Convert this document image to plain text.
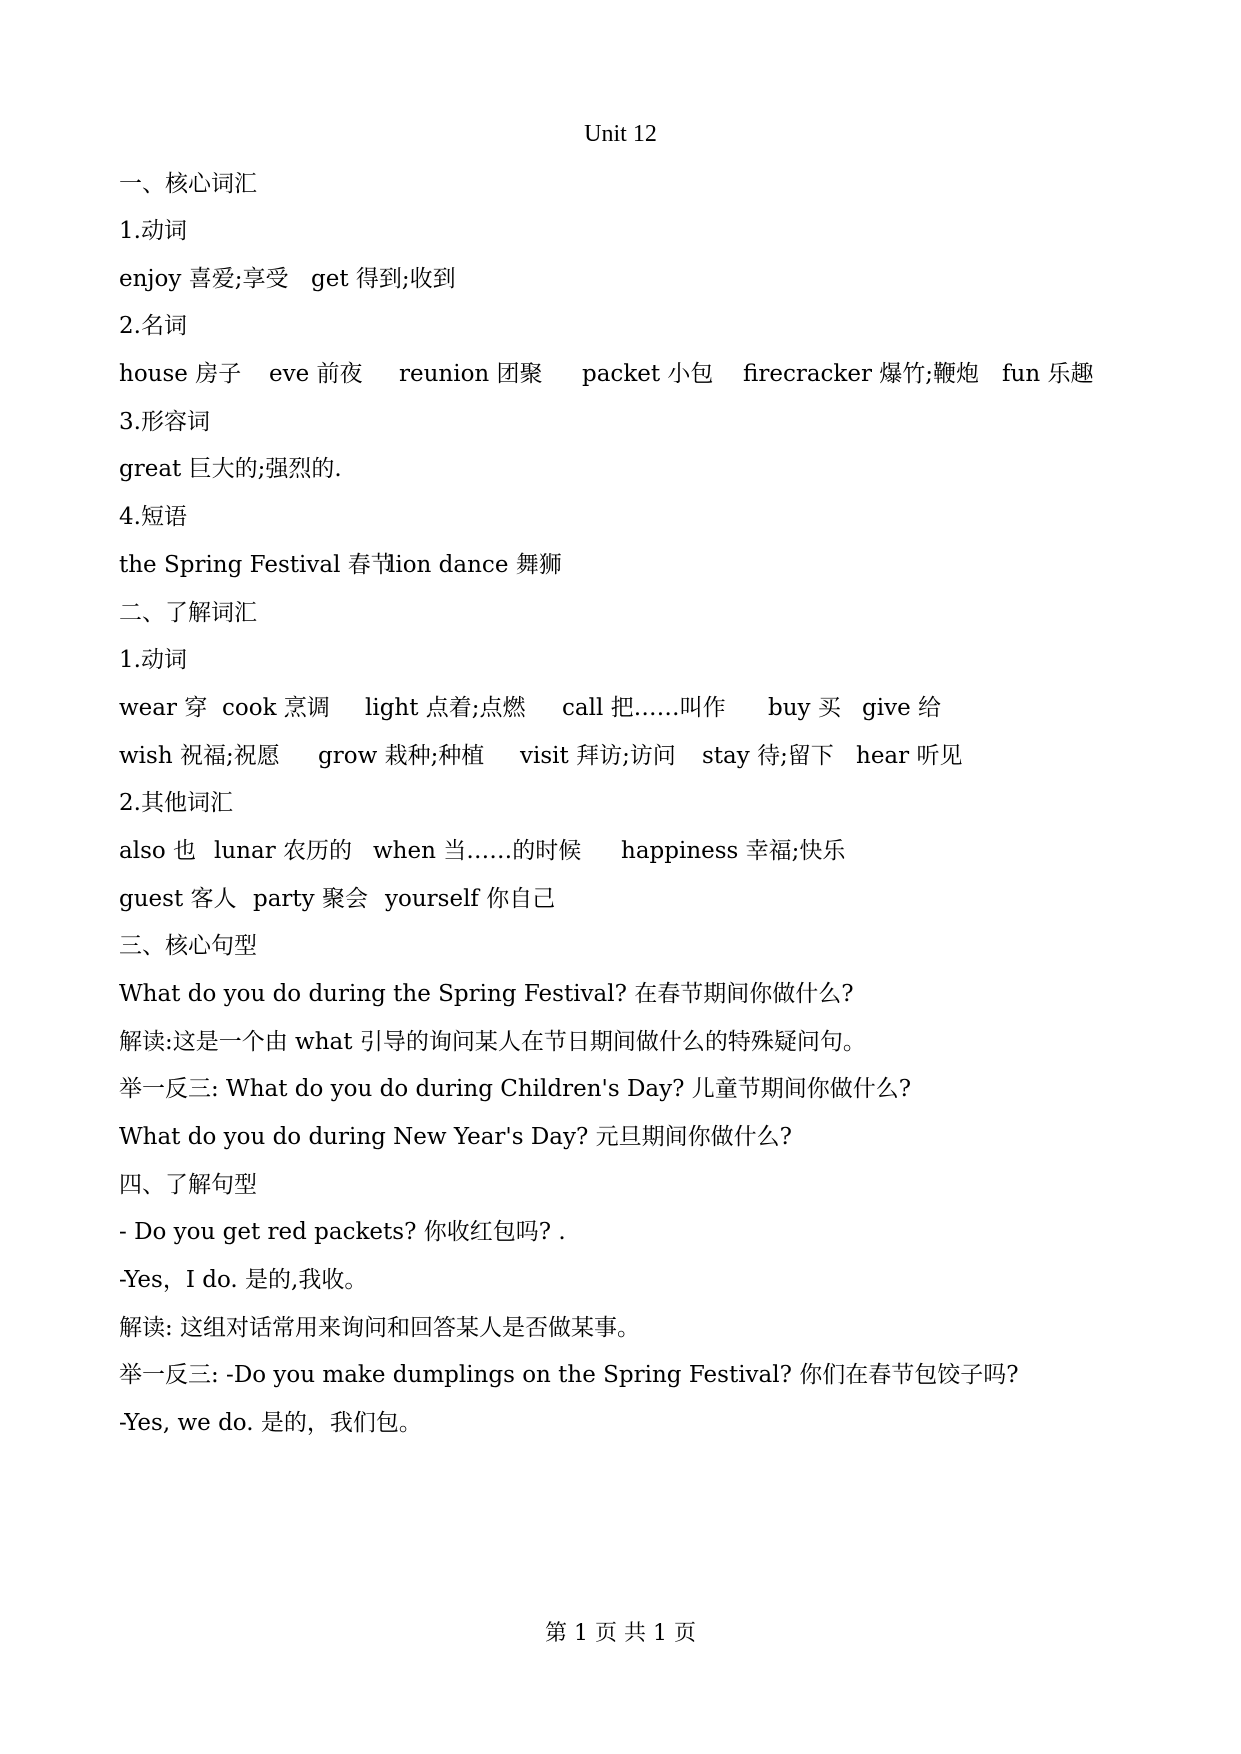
Unit 12
一、核心词汇
1.动词
enjoy 喜爱;享受 get 得到;收到
2.名词
house 房子 eve 前夜 reunion 团聚 packet 小包 firecracker 爆竹;鞭炮 fun 乐趣
3.形容词
great 巨大的;强烈的.
4.短语
the Spring Festival 春节
lion dance 舞狮
二、了解词汇
1.动词
wear 穿 cook 烹调 light 点着;点燃 call 把……叫作 buy 买 give 给
wish 祝福;祝愿 grow 栽种;种植 visit 拜访;访问 stay 待;留下 hear 听见
2.其他词汇
also 也 lunar 农历的 when 当……的时候 happiness 幸福;快乐
guest 客人 party 聚会 yourself 你自己
三、核心句型
What do you do during the Spring Festival? 在春节期间你做什么?
解读:这是一个由 what 引导的询问某人在节日期间做什么的特殊疑问句。
举一反三: What do you do during Children's Day? 儿童节期间你做什么?
What do you do during New Year's Day? 元旦期间你做什么?
四、了解句型
- Do you get red packets? 你收红包吗? .
-Yes，I do. 是的,我收。
解读: 这组对话常用来询问和回答某人是否做某事。
举一反三: -Do you make dumplings on the Spring Festival? 你们在春节包饺子吗?
-Yes, we do. 是的，我们包。
第 1 页 共 1 页
